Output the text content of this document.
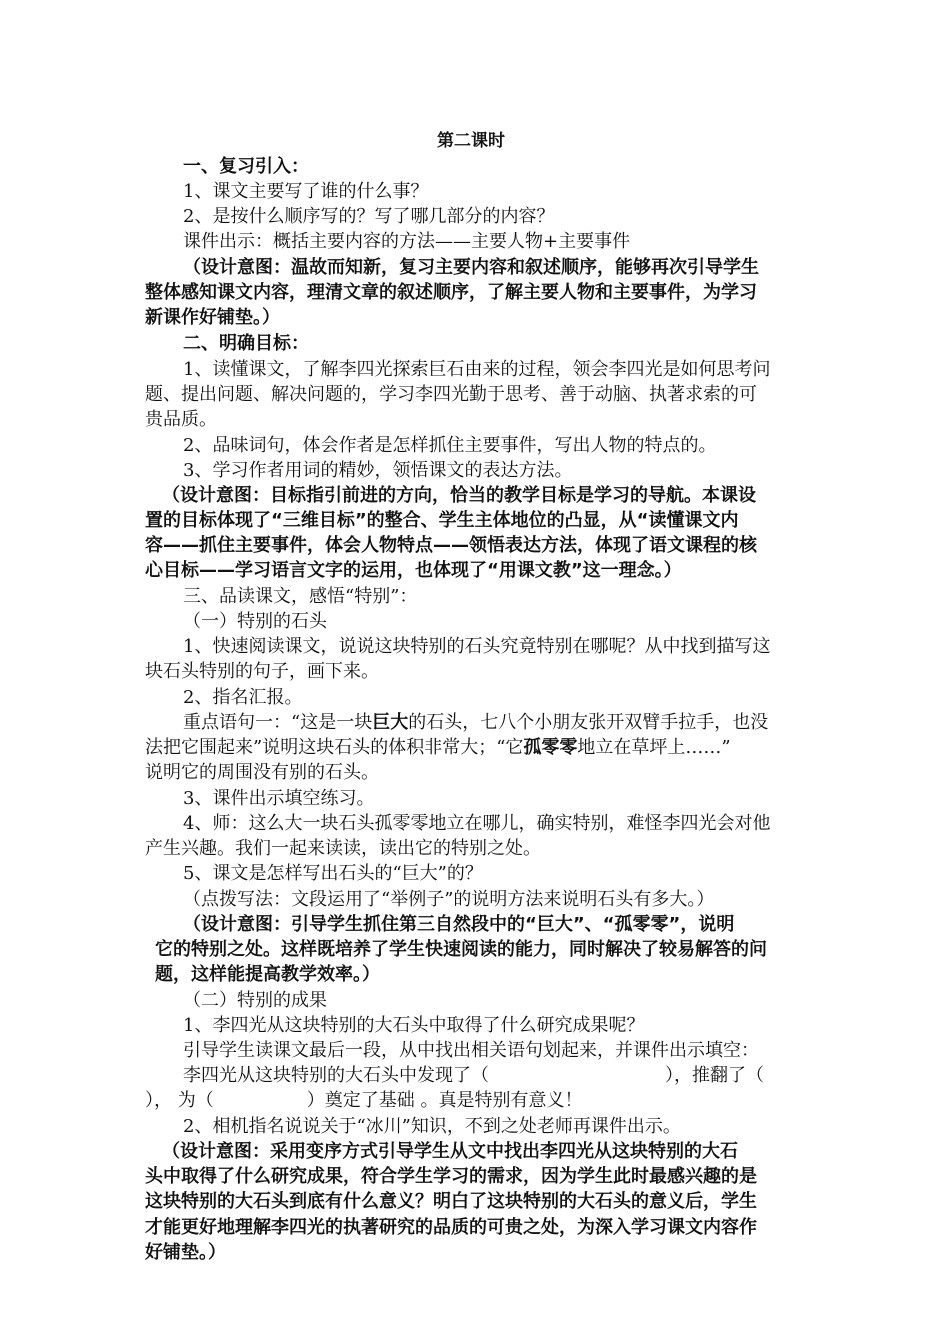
第二课时
一、复习引入：
1、课文主要写了谁的什么事？
2、是按什么顺序写的？写了哪几部分的内容？
课件出示：概括主要内容的方法——主要人物+主要事件
（设计意图：温故而知新，复习主要内容和叙述顺序，能够再次引导学生
整体感知课文内容，理清文章的叙述顺序，了解主要人物和主要事件，为学习
新课作好铺垫。）
二、明确目标：
1、读懂课文，了解李四光探索巨石由来的过程，领会李四光是如何思考问
题、提出问题、解决问题的，学习李四光勤于思考、善于动脑、执著求索的可
贵品质。
2、品味词句，体会作者是怎样抓住主要事件，写出人物的特点的。
3、学习作者用词的精妙，领悟课文的表达方法。
（设计意图：目标指引前进的方向，恰当的教学目标是学习的导航。本课设
置的目标体现了“三维目标”的整合、学生主体地位的凸显，从“读懂课文内
容——抓住主要事件，体会人物特点——领悟表达方法，体现了语文课程的核
心目标——学习语言文字的运用，也体现了“用课文教”这一理念。）
三、品读课文，感悟“特别”：
（一）特别的石头
1、快速阅读课文，说说这块特别的石头究竟特别在哪呢？从中找到描写这
块石头特别的句子，画下来。
2、指名汇报。
重点语句一：“这是一块巨大的石头，七八个小朋友张开双臂手拉手，也没
法把它围起来”说明这块石头的体积非常大；“它孤零零地立在草坪上……”
说明它的周围没有别的石头。
3、课件出示填空练习。
4、师：这么大一块石头孤零零地立在哪儿，确实特别，难怪李四光会对他
产生兴趣。我们一起来读读，读出它的特别之处。
5、课文是怎样写出石头的“巨大”的？
（点拨写法：文段运用了“举例子”的说明方法来说明石头有多大。）
（设计意图：引导学生抓住第三自然段中的“巨大”、“孤零零”，说明
它的特别之处。这样既培养了学生快速阅读的能力，同时解决了较易解答的问
题，这样能提高教学效率。）
（二）特别的成果
1、李四光从这块特别的大石头中取得了什么研究成果呢？
引导学生读课文最后一段，从中找出相关语句划起来，并课件出示填空：
李四光从这块特别的大石头中发现了（	），推翻了（
）， 为（	）奠定了基础 。真是特别有意义！
2、相机指名说说关于“冰川”知识，不到之处老师再课件出示。
（设计意图：采用变序方式引导学生从文中找出李四光从这块特别的大石
头中取得了什么研究成果，符合学生学习的需求，因为学生此时最感兴趣的是
这块特别的大石头到底有什么意义？明白了这块特别的大石头的意义后，学生
才能更好地理解李四光的执著研究的品质的可贵之处，为深入学习课文内容作
好铺垫。）
